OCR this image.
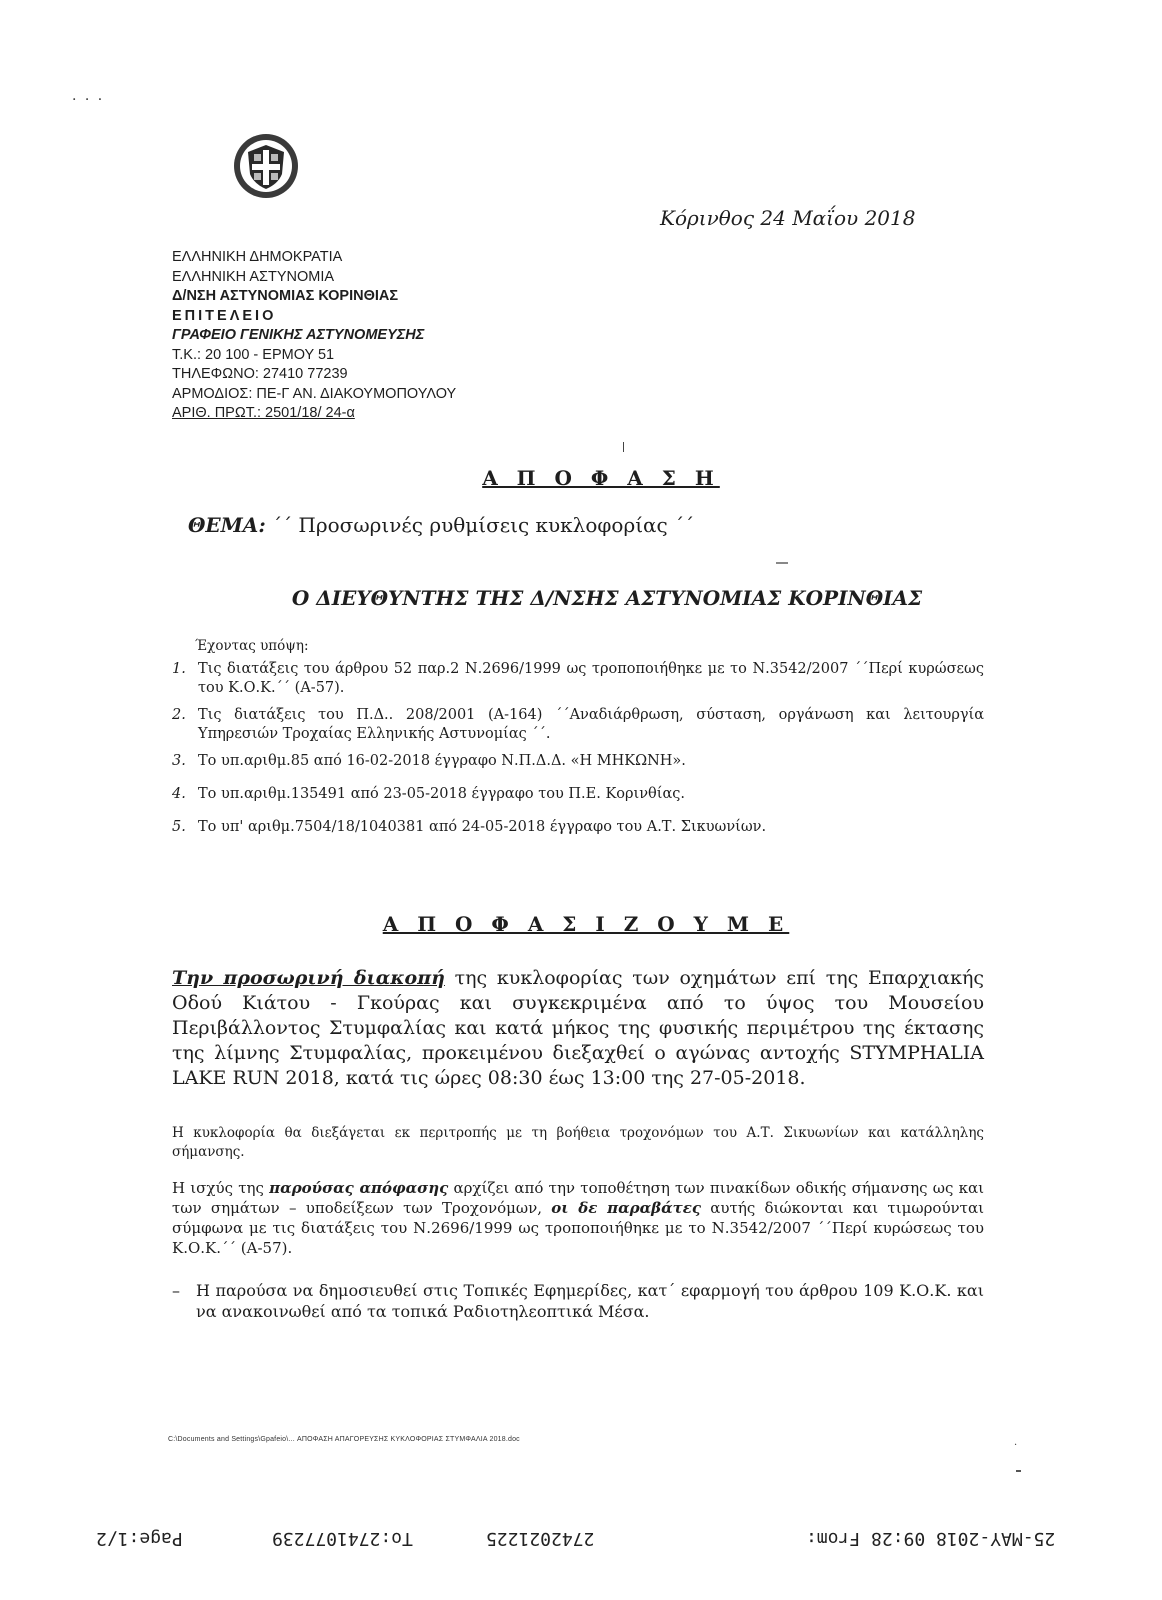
· · ·
Κόρινθος 24 Μαΐου 2018
ΕΛΛΗΝΙΚΗ ΔΗΜΟΚΡΑΤΙΑ
ΕΛΛΗΝΙΚΗ ΑΣΤΥΝΟΜΙΑ
Δ/ΝΣΗ ΑΣΤΥΝΟΜΙΑΣ ΚΟΡΙΝΘΙΑΣ
ΕΠΙΤΕΛΕΙΟ
ΓΡΑΦΕΙΟ ΓΕΝΙΚΗΣ ΑΣΤΥΝΟΜΕΥΣΗΣ
Τ.Κ.: 20 100 - ΕΡΜΟΥ 51
ΤΗΛΕΦΩΝΟ: 27410 77239
ΑΡΜΟΔΙΟΣ: ΠΕ-Γ ΑΝ. ΔΙΑΚΟΥΜΟΠΟΥΛΟΥ
ΑΡΙΘ. ΠΡΩΤ.: 2501/18/ 24-α
Α Π Ο Φ Α Σ Η
ΘΕΜΑ: ΄΄ Προσωρινές ρυθμίσεις κυκλοφορίας ΄΄
Ο ΔΙΕΥΘΥΝΤΗΣ ΤΗΣ Δ/ΝΣΗΣ ΑΣΤΥΝΟΜΙΑΣ ΚΟΡΙΝΘΙΑΣ
Έχοντας υπόψη:
1. Τις διατάξεις του άρθρου 52 παρ.2 Ν.2696/1999 ως τροποποιήθηκε με το Ν.3542/2007 ΄΄Περί κυρώσεως του Κ.Ο.Κ.΄΄ (Α-57).
2. Τις διατάξεις του Π.Δ.. 208/2001 (Α-164) ΄΄Αναδιάρθρωση, σύσταση, οργάνωση και λειτουργία Υπηρεσιών Τροχαίας Ελληνικής Αστυνομίας ΄΄.
3. Το υπ.αριθμ.85 από 16-02-2018 έγγραφο Ν.Π.Δ.Δ. «Η ΜΗΚΩΝΗ».
4. Το υπ.αριθμ.135491 από 23-05-2018 έγγραφο του Π.Ε. Κορινθίας.
5. Το υπ' αριθμ.7504/18/1040381 από 24-05-2018 έγγραφο του Α.Τ. Σικυωνίων.
Α Π Ο Φ Α Σ Ι Ζ Ο Υ Μ Ε
Την προσωρινή διακοπή της κυκλοφορίας των οχημάτων επί της Επαρχιακής Οδού Κιάτου - Γκούρας και συγκεκριμένα από το ύψος του Μουσείου Περιβάλλοντος Στυμφαλίας και κατά μήκος της φυσικής περιμέτρου της έκτασης της λίμνης Στυμφαλίας, προκειμένου διεξαχθεί ο αγώνας αντοχής STYMPHALIA LAKE RUN 2018, κατά τις ώρες 08:30 έως 13:00 της 27-05-2018.
Η κυκλοφορία θα διεξάγεται εκ περιτροπής με τη βοήθεια τροχονόμων του Α.Τ. Σικυωνίων και κατάλληλης σήμανσης.
Η ισχύς της παρούσας απόφασης αρχίζει από την τοποθέτηση των πινακίδων οδικής σήμανσης ως και των σημάτων – υποδείξεων των Τροχονόμων, οι δε παραβάτες αυτής διώκονται και τιμωρούνται σύμφωνα με τις διατάξεις του Ν.2696/1999 ως τροποποιήθηκε με το Ν.3542/2007 ΄΄Περί κυρώσεως του Κ.Ο.Κ.΄΄ (Α-57).
–	Η παρούσα να δημοσιευθεί στις Τοπικές Εφημερίδες, κατ΄ εφαρμογή του άρθρου 109 Κ.Ο.Κ. και να ανακοινωθεί από τα τοπικά Ραδιοτηλεοπτικά Μέσα.
C:\Documents and Settings\Gpafeio\... ΑΠΟΦΑΣΗ ΑΠΑΓΟΡΕΥΣΗΣ ΚΥΚΛΟΦΟΡΙΑΣ ΣΤΥΜΦΑΛΙΑ 2018.doc
·
Page:1/2	To:2741077239	2742021225	25-MAY-2018 09:28 From:
